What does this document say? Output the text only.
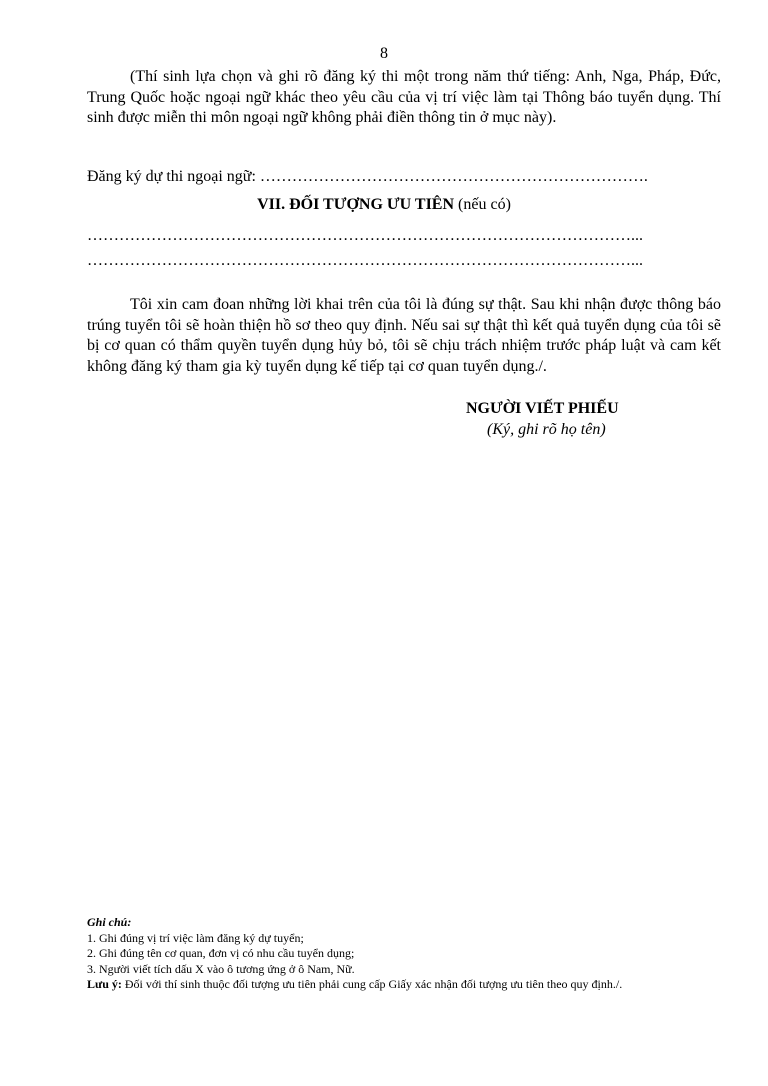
8
(Thí sinh lựa chọn và ghi rõ đăng ký thi một trong năm thứ tiếng: Anh, Nga, Pháp, Đức, Trung Quốc hoặc ngoại ngữ khác theo yêu cầu của vị trí việc làm tại Thông báo tuyển dụng. Thí sinh được miễn thi môn ngoại ngữ không phải điền thông tin ở mục này).
Đăng ký dự thi ngoại ngữ: ……………………………………………………………….
VII. ĐỐI TƯỢNG ƯU TIÊN (nếu có)
…………………………………………………………………………………………...
…………………………………………………………………………………………...
Tôi xin cam đoan những lời khai trên của tôi là đúng sự thật. Sau khi nhận được thông báo trúng tuyển tôi sẽ hoàn thiện hồ sơ theo quy định. Nếu sai sự thật thì kết quả tuyển dụng của tôi sẽ bị cơ quan có thẩm quyền tuyển dụng hủy bỏ, tôi sẽ chịu trách nhiệm trước pháp luật và cam kết không đăng ký tham gia kỳ tuyển dụng kế tiếp tại cơ quan tuyển dụng./.
NGƯỜI VIẾT PHIẾU
(Ký, ghi rõ họ tên)
Ghi chú:
1. Ghi đúng vị trí việc làm đăng ký dự tuyển;
2. Ghi đúng tên cơ quan, đơn vị có nhu cầu tuyển dụng;
3. Người viết tích dấu X vào ô tương ứng ở ô Nam, Nữ.
Lưu ý: Đối với thí sinh thuộc đối tượng ưu tiên phải cung cấp Giấy xác nhận đối tượng ưu tiên theo quy định./.
